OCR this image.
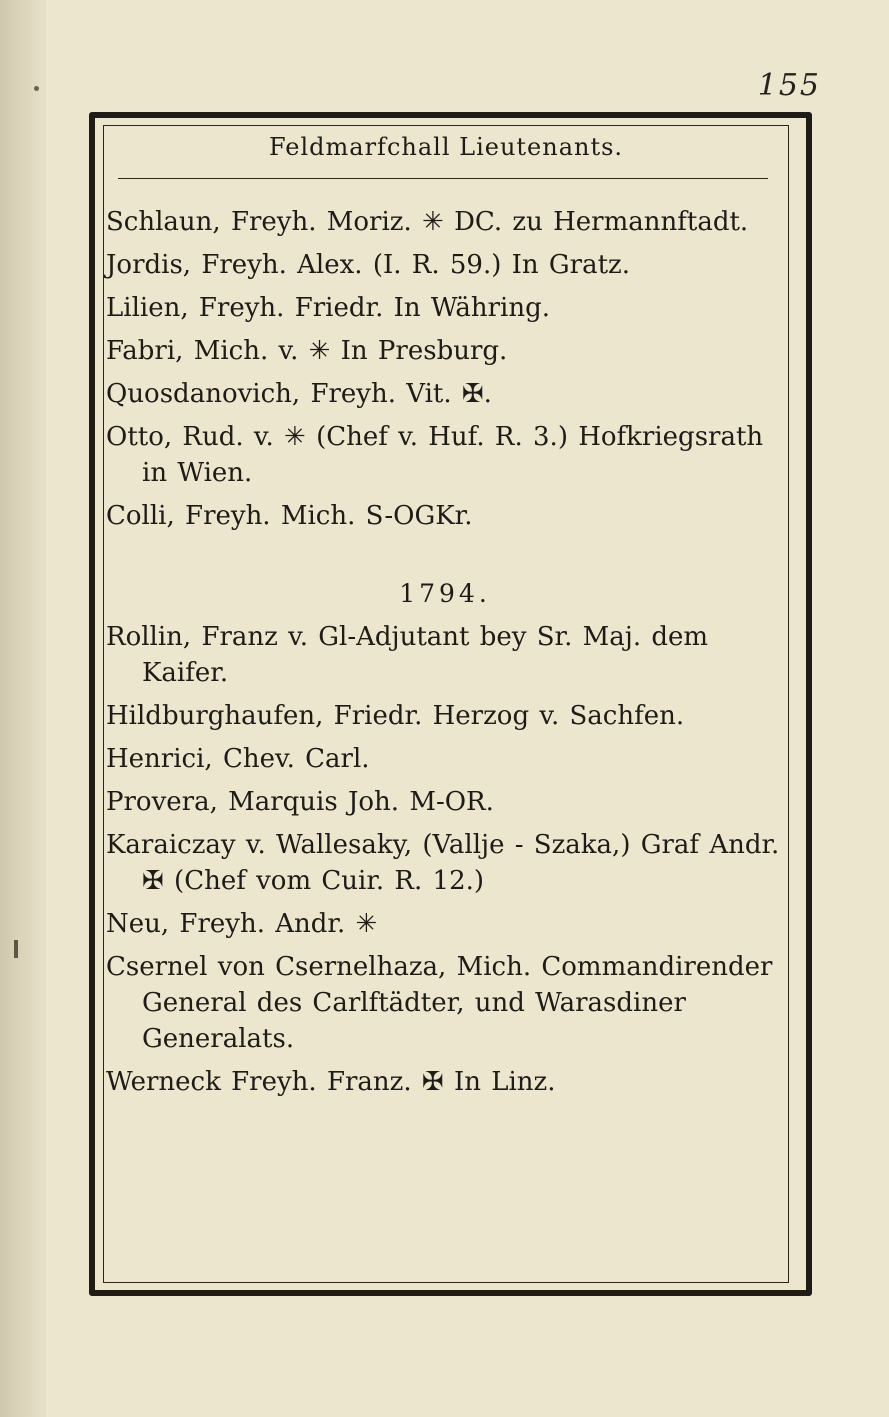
155
Feldmarfchall Lieutenants.
Schlaun, Freyh. Moriz. ✳ DC. zu Hermannftadt.
Jordis, Freyh. Alex. (I. R. 59.) In Gratz.
Lilien, Freyh. Friedr. In Währing.
Fabri, Mich. v. ✳ In Presburg.
Quosdanovich, Freyh. Vit. ✠.
Otto, Rud. v. ✳ (Chef v. Huf. R. 3.) Hofkriegsrath in Wien.
Colli, Freyh. Mich. S-OGKr.
1794.
Rollin, Franz v. Gl-Adjutant bey Sr. Maj. dem Kaifer.
Hildburghaufen, Friedr. Herzog v. Sachfen.
Henrici, Chev. Carl.
Provera, Marquis Joh. M-OR.
Karaiczay v. Wallesaky, (Vallje - Szaka,) Graf Andr. ✠ (Chef vom Cuir. R. 12.)
Neu, Freyh. Andr. ✳
Csernel von Csernelhaza, Mich. Commandirender General des Carlftädter, und Warasdiner Generalats.
Werneck Freyh. Franz. ✠ In Linz.
